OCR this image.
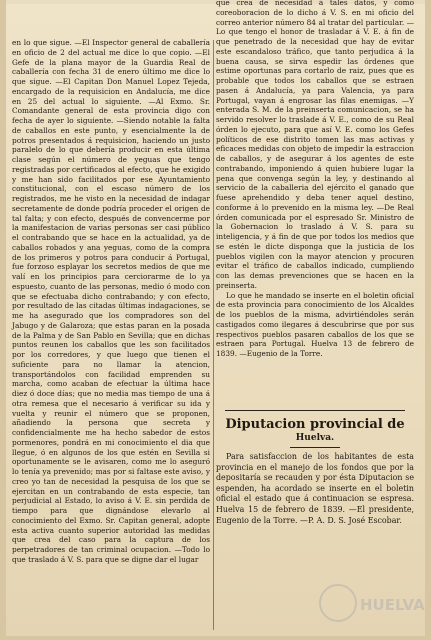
en lo que sigue. —El Inspector general de caballería en oficio de 2 del actual me dice lo que copio. —El Gefe de la plana mayor de la Guardia Real de caballería con fecha 31 de enero último me dice lo que sigue. —El Capitan Don Manuel Lopez Tejeda, encargado de la requisicion en Andalucía, me dice en 25 del actual lo siguiente. —Al Exmo. Sr. Comandante general de esta provincia digo con fecha de ayer lo siguiente. —Siendo notable la falta de caballos en este punto, y esencialmente la de potros presentados á requisicion, haciendo un justo paralelo de lo que debería producir en esta última clase según el número de yeguas que tengo registradas por certificados al efecto, que he exigido y me han sido facilitados por ese Ayuntamiento constitucional, con el escaso número de los registrados, me he visto en la necesidad de indagar secretamente de donde podría proceder el origen de tal falta; y con efecto, después de convencerme por la manifestacion de varias personas ser casi público el contrabando que se hace en la actualidad, ya de caballos robados y ana yeguas, como de la compra de los primeros y potros para conducir á Portugal, fue forzoso esplayar los secretos medios de que me valí en los principios para cerciorarme de lo ya espuesto, cuanto de las personas, medio ó modo con que se efectuaba dicho contrabando; y con efecto, por resultado de las citadas últimas indagaciones, se me ha asegurado que los compradores son del Jabugo y de Galaroza; que estas paran en la posada de la Palma y de San Pablo en Sevilla; que en dichas puntos reunen los caballos que les son facilitados por los corredores, y que luego que tienen el suficiente para no llamar la atencion, transportándolos con facilidad emprenden su marcha, como acaban de efectuar la última hace diez ó doce días; que no media mas tiempo de una á otra remesa que el necesario á verificar su ida y vuelta y reunir el número que se proponen, añadiendo la persona que secreta y confidencialmente me ha hecho sabedor de estos pormenores, pondrá en mi conocimiento el dia que llegue, ó en algunos de los que estén en Sevilla si oportunamente se le avisaren, como me lo aseguró lo tenía ya prevenido; mas por si faltase este aviso, y creo yo tan de necesidad la pesquisa de los que se ejercitan en un contrabando de esta especie, tan perjudicial al Estado, lo aviso á V. E. sin perdida de tiempo para que dignándose elevarlo al conocimiento del Exmo. Sr. Capitan general, adopte esta activa cuanto superior autoridad las medidas que crea del caso para la captura de los perpetradores de tan criminal ocupacion. —Todo lo que traslado á V. S. para que se digne dar el lugar

que crea de necesidad á tales datos, y como coreoboracion de lo dicho á V. S. en mi oficio del correo anterior número 84 al tratar del particular. —Lo que tengo el honor de trasladar á V. E. á fin de que penetrado de la necesidad que hay de evitar este escandaloso tráfico, que tanto perjudica á la buena causa, se sirva espedir las órdenes que estime oportunas para cortarlo de raiz, pues que es probable que todos los caballos que se estraen pasen á Andalucía, ya para Valencia, ya para Portugal, vayan á engrosar las filas enemigas. —Y enterada S. M. de la preinserta comunicacion, se ha servido resolver lo traslade á V. E., como de su Real órden lo ejecuto, para que así V. E. como los Gefes políticos de ese distrito tomen las mas activas y eficaces medidas con objeto de impedir la estraccion de caballos, y de asegurar á los agentes de este contrabando, imponiendo á quien hubiere lugar la pena que convenga según la ley, y destinando al servicio de la caballeria del ejército el ganado que fuese aprehendido y deba tener aquel destino, conforme á lo prevenido en la misma ley. —De Real órden comunicada por el espresado Sr. Ministro de la Gobernacion lo traslado á V. S. para su inteligencia, y á fin de que por todos los medios que se estén le dicte disponga que la justicia de los pueblos vigilen con la mayor atencion y procuren evitar el tráfico de caballos indicado, cumpliendo con las demas prevenciones que se hacen en la preinserta.

Lo que he mandado se inserte en el boletin oficial de esta provincia para conocimiento de los Alcaldes de los pueblos de la misma, advirtiéndoles serán castigados como ilegares á descubrirse que por sus respectivos pueblos pasaren caballos de los que se estraen para Portugal. Huelva 13 de febrero de 1839. —Eugenio de la Torre.

Diputacion provincial de
Huelva.

Para satisfaccion de los habitantes de esta provincia en el manejo de los fondos que por la depositaría se recauden y por ésta Diputacion se espenden, ha acordado se inserte en el boletin oficial el estado que á continuacion se espresa. Huelva 15 de febrero de 1839. —El presidente, Eugenio de la Torre. —P. A. D. S. José Escobar.

HUELVA
